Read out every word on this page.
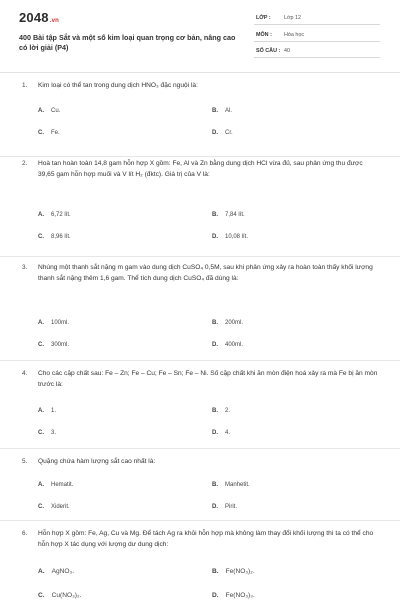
2048.vn
400 Bài tập Sắt và một số kim loại quan trọng cơ bản, nâng cao có lời giải (P4)
LỚP : Lớp 12
MÔN : Hóa học
SỐ CÂU : 40
1. Kim loại có thể tan trong dung dịch HNO₃ đặc nguội là:
A. Cu.	B. Al.
C. Fe.	D. Cr.
2. Hoà tan hoàn toàn 14,8 gam hỗn hợp X gồm: Fe, Al và Zn bằng dung dịch HCl vừa đủ, sau phản ứng thu được 39,65 gam hỗn hợp muối và V lít H₂ (đktc). Giá trị của V là:
A. 6,72 lít.	B. 7,84 lít.
C. 8,96 lít.	D. 10,08 lít.
3. Nhúng một thanh sắt nặng m gam vào dung dịch CuSO₄ 0,5M, sau khi phản ứng xảy ra hoàn toàn thấy khối lượng thanh sắt nặng thêm 1,6 gam. Thể tích dung dịch CuSO₄ đã dùng là:
A. 100ml.	B. 200ml.
C. 300ml.	D. 400ml.
4. Cho các cặp chất sau: Fe – Zn; Fe – Cu; Fe – Sn; Fe – Ni. Số cặp chất khi ăn mòn điện hoá xảy ra mà Fe bị ăn mòn trước là:
A. 1.	B. 2.
C. 3.	D. 4.
5. Quặng chứa hàm lượng sắt cao nhất là:
A. Hematit.	B. Manhetit.
C. Xiderit.	D. Pirit.
6. Hỗn hợp X gồm: Fe, Ag, Cu và Mg. Để tách Ag ra khỏi hỗn hợp mà không làm thay đổi khối lượng thì ta có thể cho hỗn hợp X tác dụng với lượng dư dung dịch:
A. AgNO₃.	B. Fe(NO₃)₂.
C. Cu(NO₃)₂.	D. Fe(NO₃)₃.
